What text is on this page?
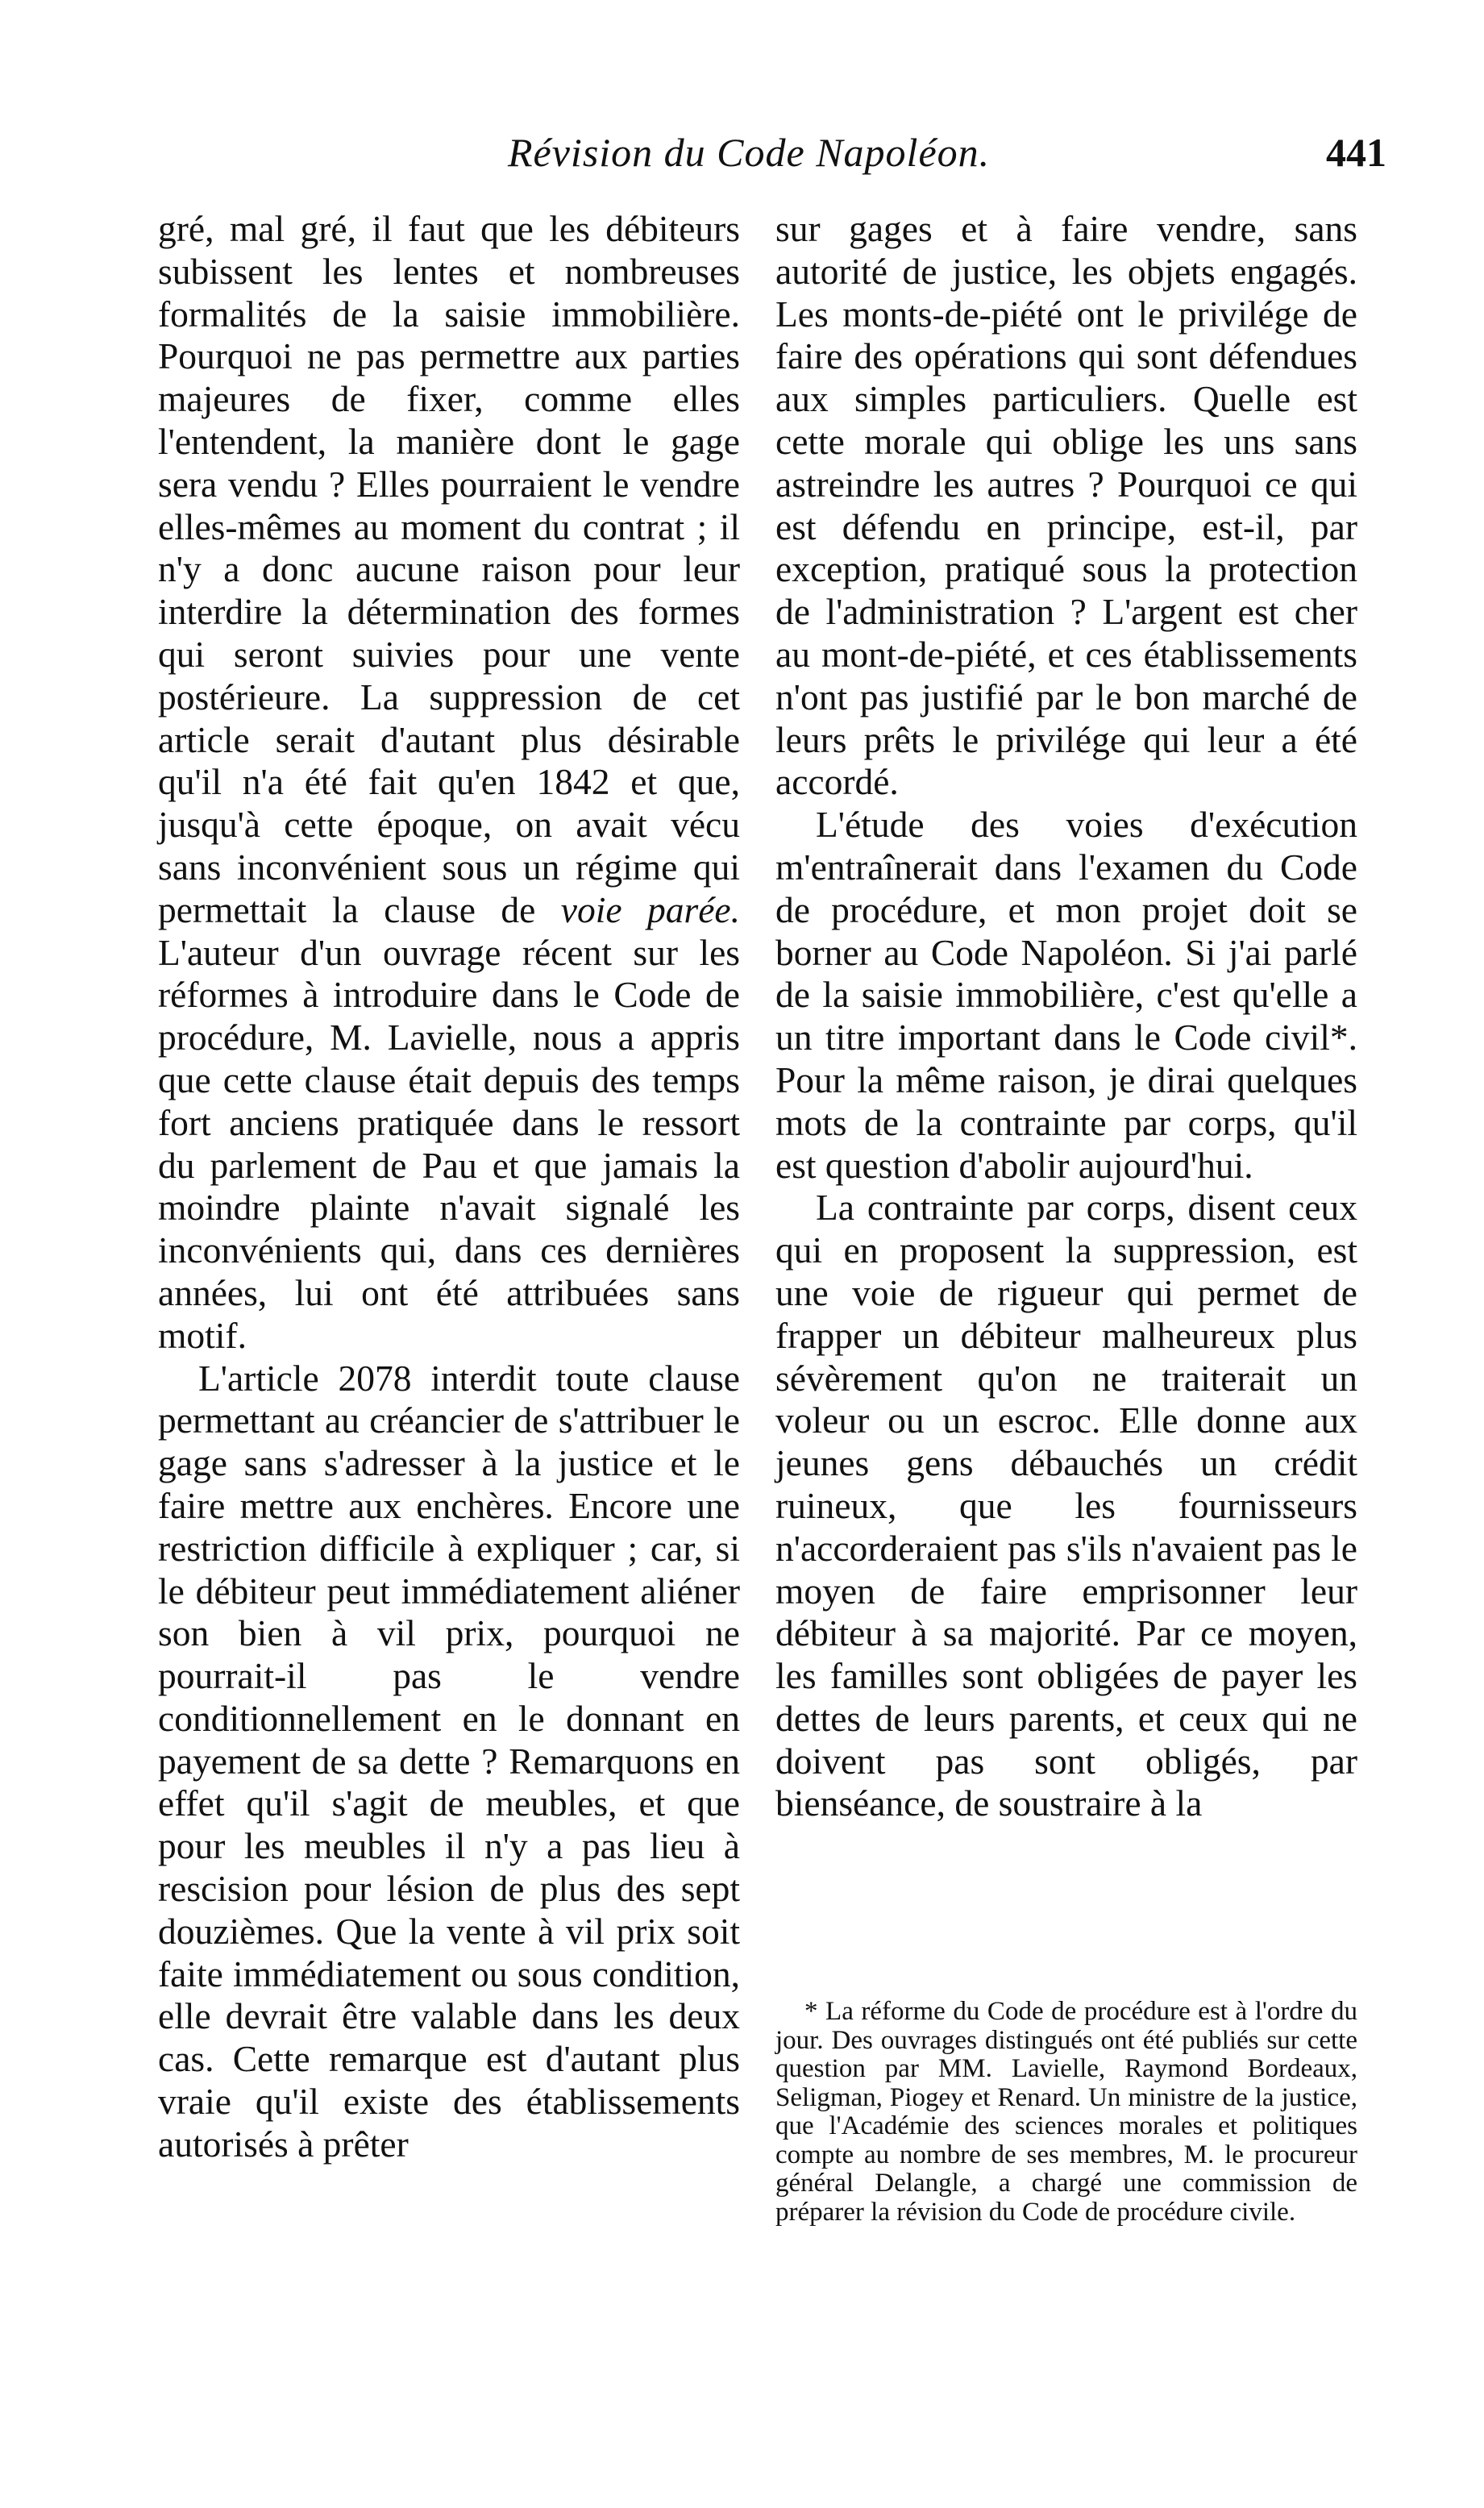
Révision du Code Napoléon.	441

gré, mal gré, il faut que les débiteurs subissent les lentes et nombreuses formalités de la saisie immobilière. Pourquoi ne pas permettre aux parties majeures de fixer, comme elles l'entendent, la manière dont le gage sera vendu ? Elles pourraient le vendre elles-mêmes au moment du contrat ; il n'y a donc aucune raison pour leur interdire la détermination des formes qui seront suivies pour une vente postérieure. La suppression de cet article serait d'autant plus désirable qu'il n'a été fait qu'en 1842 et que, jusqu'à cette époque, on avait vécu sans inconvénient sous un régime qui permettait la clause de voie parée. L'auteur d'un ouvrage récent sur les réformes à introduire dans le Code de procédure, M. Lavielle, nous a appris que cette clause était depuis des temps fort anciens pratiquée dans le ressort du parlement de Pau et que jamais la moindre plainte n'avait signalé les inconvénients qui, dans ces dernières années, lui ont été attribuées sans motif.

L'article 2078 interdit toute clause permettant au créancier de s'attribuer le gage sans s'adresser à la justice et le faire mettre aux enchères. Encore une restriction difficile à expliquer ; car, si le débiteur peut immédiatement aliéner son bien à vil prix, pourquoi ne pourrait-il pas le vendre conditionnellement en le donnant en payement de sa dette ? Remarquons en effet qu'il s'agit de meubles, et que pour les meubles il n'y a pas lieu à rescision pour lésion de plus des sept douzièmes. Que la vente à vil prix soit faite immédiatement ou sous condition, elle devrait être valable dans les deux cas. Cette remarque est d'autant plus vraie qu'il existe des établissements autorisés à prêter

sur gages et à faire vendre, sans autorité de justice, les objets engagés. Les monts-de-piété ont le privilége de faire des opérations qui sont défendues aux simples particuliers. Quelle est cette morale qui oblige les uns sans astreindre les autres ? Pourquoi ce qui est défendu en principe, est-il, par exception, pratiqué sous la protection de l'administration ? L'argent est cher au mont-de-piété, et ces établissements n'ont pas justifié par le bon marché de leurs prêts le privilége qui leur a été accordé.

L'étude des voies d'exécution m'entraînerait dans l'examen du Code de procédure, et mon projet doit se borner au Code Napoléon. Si j'ai parlé de la saisie immobilière, c'est qu'elle a un titre important dans le Code civil*. Pour la même raison, je dirai quelques mots de la contrainte par corps, qu'il est question d'abolir aujourd'hui.

La contrainte par corps, disent ceux qui en proposent la suppression, est une voie de rigueur qui permet de frapper un débiteur malheureux plus sévèrement qu'on ne traiterait un voleur ou un escroc. Elle donne aux jeunes gens débauchés un crédit ruineux, que les fournisseurs n'accorderaient pas s'ils n'avaient pas le moyen de faire emprisonner leur débiteur à sa majorité. Par ce moyen, les familles sont obligées de payer les dettes de leurs parents, et ceux qui ne doivent pas sont obligés, par bienséance, de soustraire à la

* La réforme du Code de procédure est à l'ordre du jour. Des ouvrages distingués ont été publiés sur cette question par MM. Lavielle, Raymond Bordeaux, Seligman, Piogey et Renard. Un ministre de la justice, que l'Académie des sciences morales et politiques compte au nombre de ses membres, M. le procureur général Delangle, a chargé une commission de préparer la révision du Code de procédure civile.
